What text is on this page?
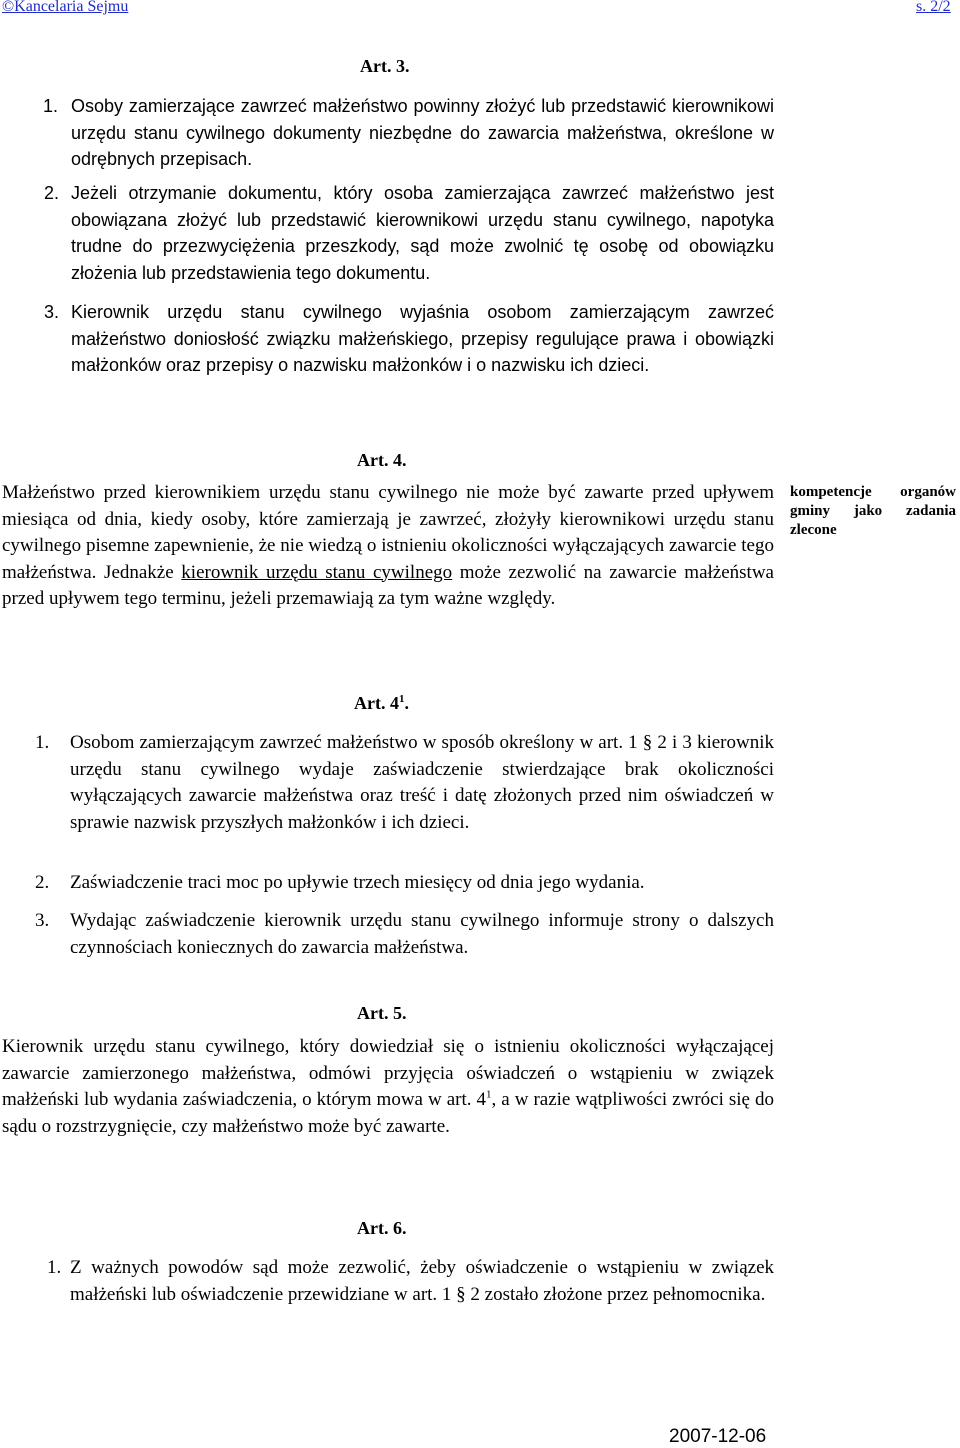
©Kancelaria Sejmu	s. 2/2
Art. 3.
1. Osoby zamierzające zawrzeć małżeństwo powinny złożyć lub przedstawić kierownikowi urzędu stanu cywilnego dokumenty niezbędne do zawarcia małżeństwa, określone w odrębnych przepisach.
2. Jeżeli otrzymanie dokumentu, który osoba zamierzająca zawrzeć małżeństwo jest obowiązana złożyć lub przedstawić kierownikowi urzędu stanu cywilnego, napotyka trudne do przezwyciężenia przeszkody, sąd może zwolnić tę osobę od obowiązku złożenia lub przedstawienia tego dokumentu.
3. Kierownik urzędu stanu cywilnego wyjaśnia osobom zamierzającym zawrzeć małżeństwo doniosłość związku małżeńskiego, przepisy regulujące prawa i obowiązki małżonków oraz przepisy o nazwisku małżonków i o nazwisku ich dzieci.
Art. 4.
Małżeństwo przed kierownikiem urzędu stanu cywilnego nie może być zawarte przed upływem miesiąca od dnia, kiedy osoby, które zamierzają je zawrzeć, złożyły kierownikowi urzędu stanu cywilnego pisemne zapewnienie, że nie wiedzą o istnieniu okoliczności wyłączających zawarcie tego małżeństwa. Jednakże kierownik urzędu stanu cywilnego może zezwolić na zawarcie małżeństwa przed upływem tego terminu, jeżeli przemawiają za tym ważne względy.
kompetencje organów gminy jako zadania zlecone
Art. $4^1$.
1. Osobom zamierzającym zawrzeć małżeństwo w sposób określony w art. 1 § 2 i 3 kierownik urzędu stanu cywilnego wydaje zaświadczenie stwierdzające brak okoliczności wyłączających zawarcie małżeństwa oraz treść i datę złożonych przed nim oświadczeń w sprawie nazwisk przyszłych małżonków i ich dzieci.
2. Zaświadczenie traci moc po upływie trzech miesięcy od dnia jego wydania.
3. Wydając zaświadczenie kierownik urzędu stanu cywilnego informuje strony o dalszych czynnościach koniecznych do zawarcia małżeństwa.
Art. 5.
Kierownik urzędu stanu cywilnego, który dowiedział się o istnieniu okoliczności wyłączającej zawarcie zamierzonego małżeństwa, odmówi przyjęcia oświadczeń o wstąpieniu w związek małżeński lub wydania zaświadczenia, o którym mowa w art. $4^1$, a w razie wątpliwości zwróci się do sądu o rozstrzygnięcie, czy małżeństwo może być zawarte.
Art. 6.
1. Z ważnych powodów sąd może zezwolić, żeby oświadczenie o wstąpieniu w związek małżeński lub oświadczenie przewidziane w art. 1 § 2 zostało złożone przez pełnomocnika.
2007-12-06
